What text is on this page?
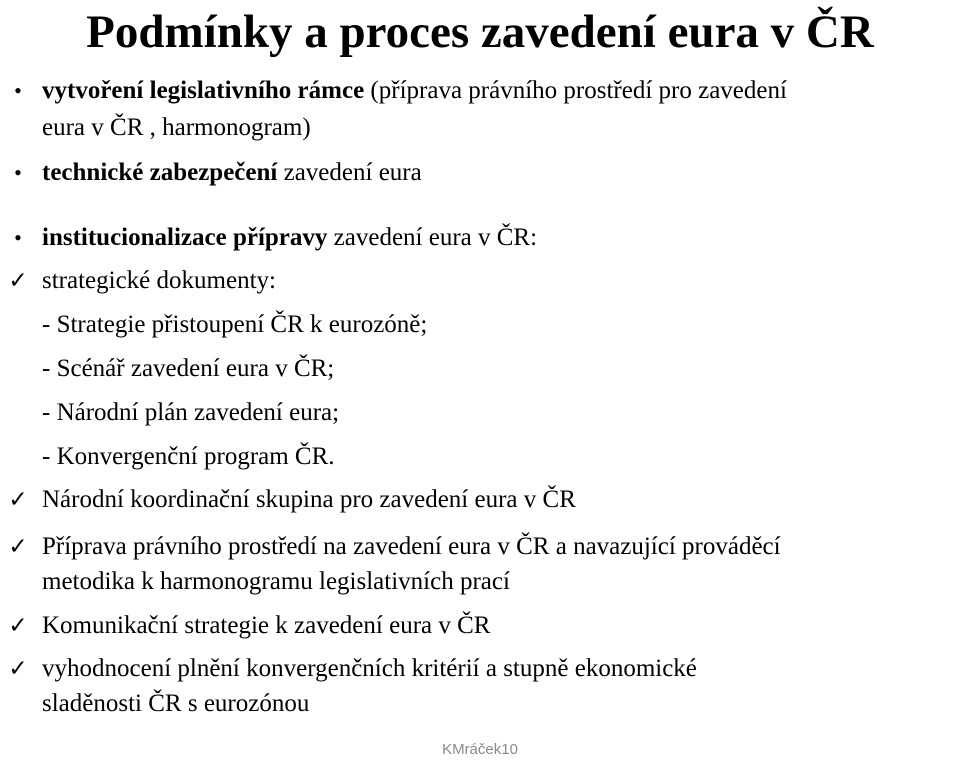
Podmínky a proces zavedení eura v ČR
• vytvoření legislativního rámce (příprava právního prostředí pro zavedení
eura v ČR , harmonogram)
• technické zabezpečení zavedení eura
• institucionalizace přípravy zavedení eura v ČR:
✓ strategické dokumenty:
- Strategie přistoupení ČR k eurozóně;
- Scénář zavedení eura v ČR;
- Národní plán zavedení eura;
- Konvergenční program ČR.
✓ Národní koordinační skupina pro zavedení eura v ČR
✓ Příprava právního prostředí na zavedení eura v ČR a navazující prováděcí
metodika k harmonogramu legislativních prací
✓ Komunikační strategie k zavedení eura v ČR
✓ vyhodnocení plnění konvergenčních kritérií a stupně ekonomické
sladěnosti ČR s eurozónou
KMráček10
